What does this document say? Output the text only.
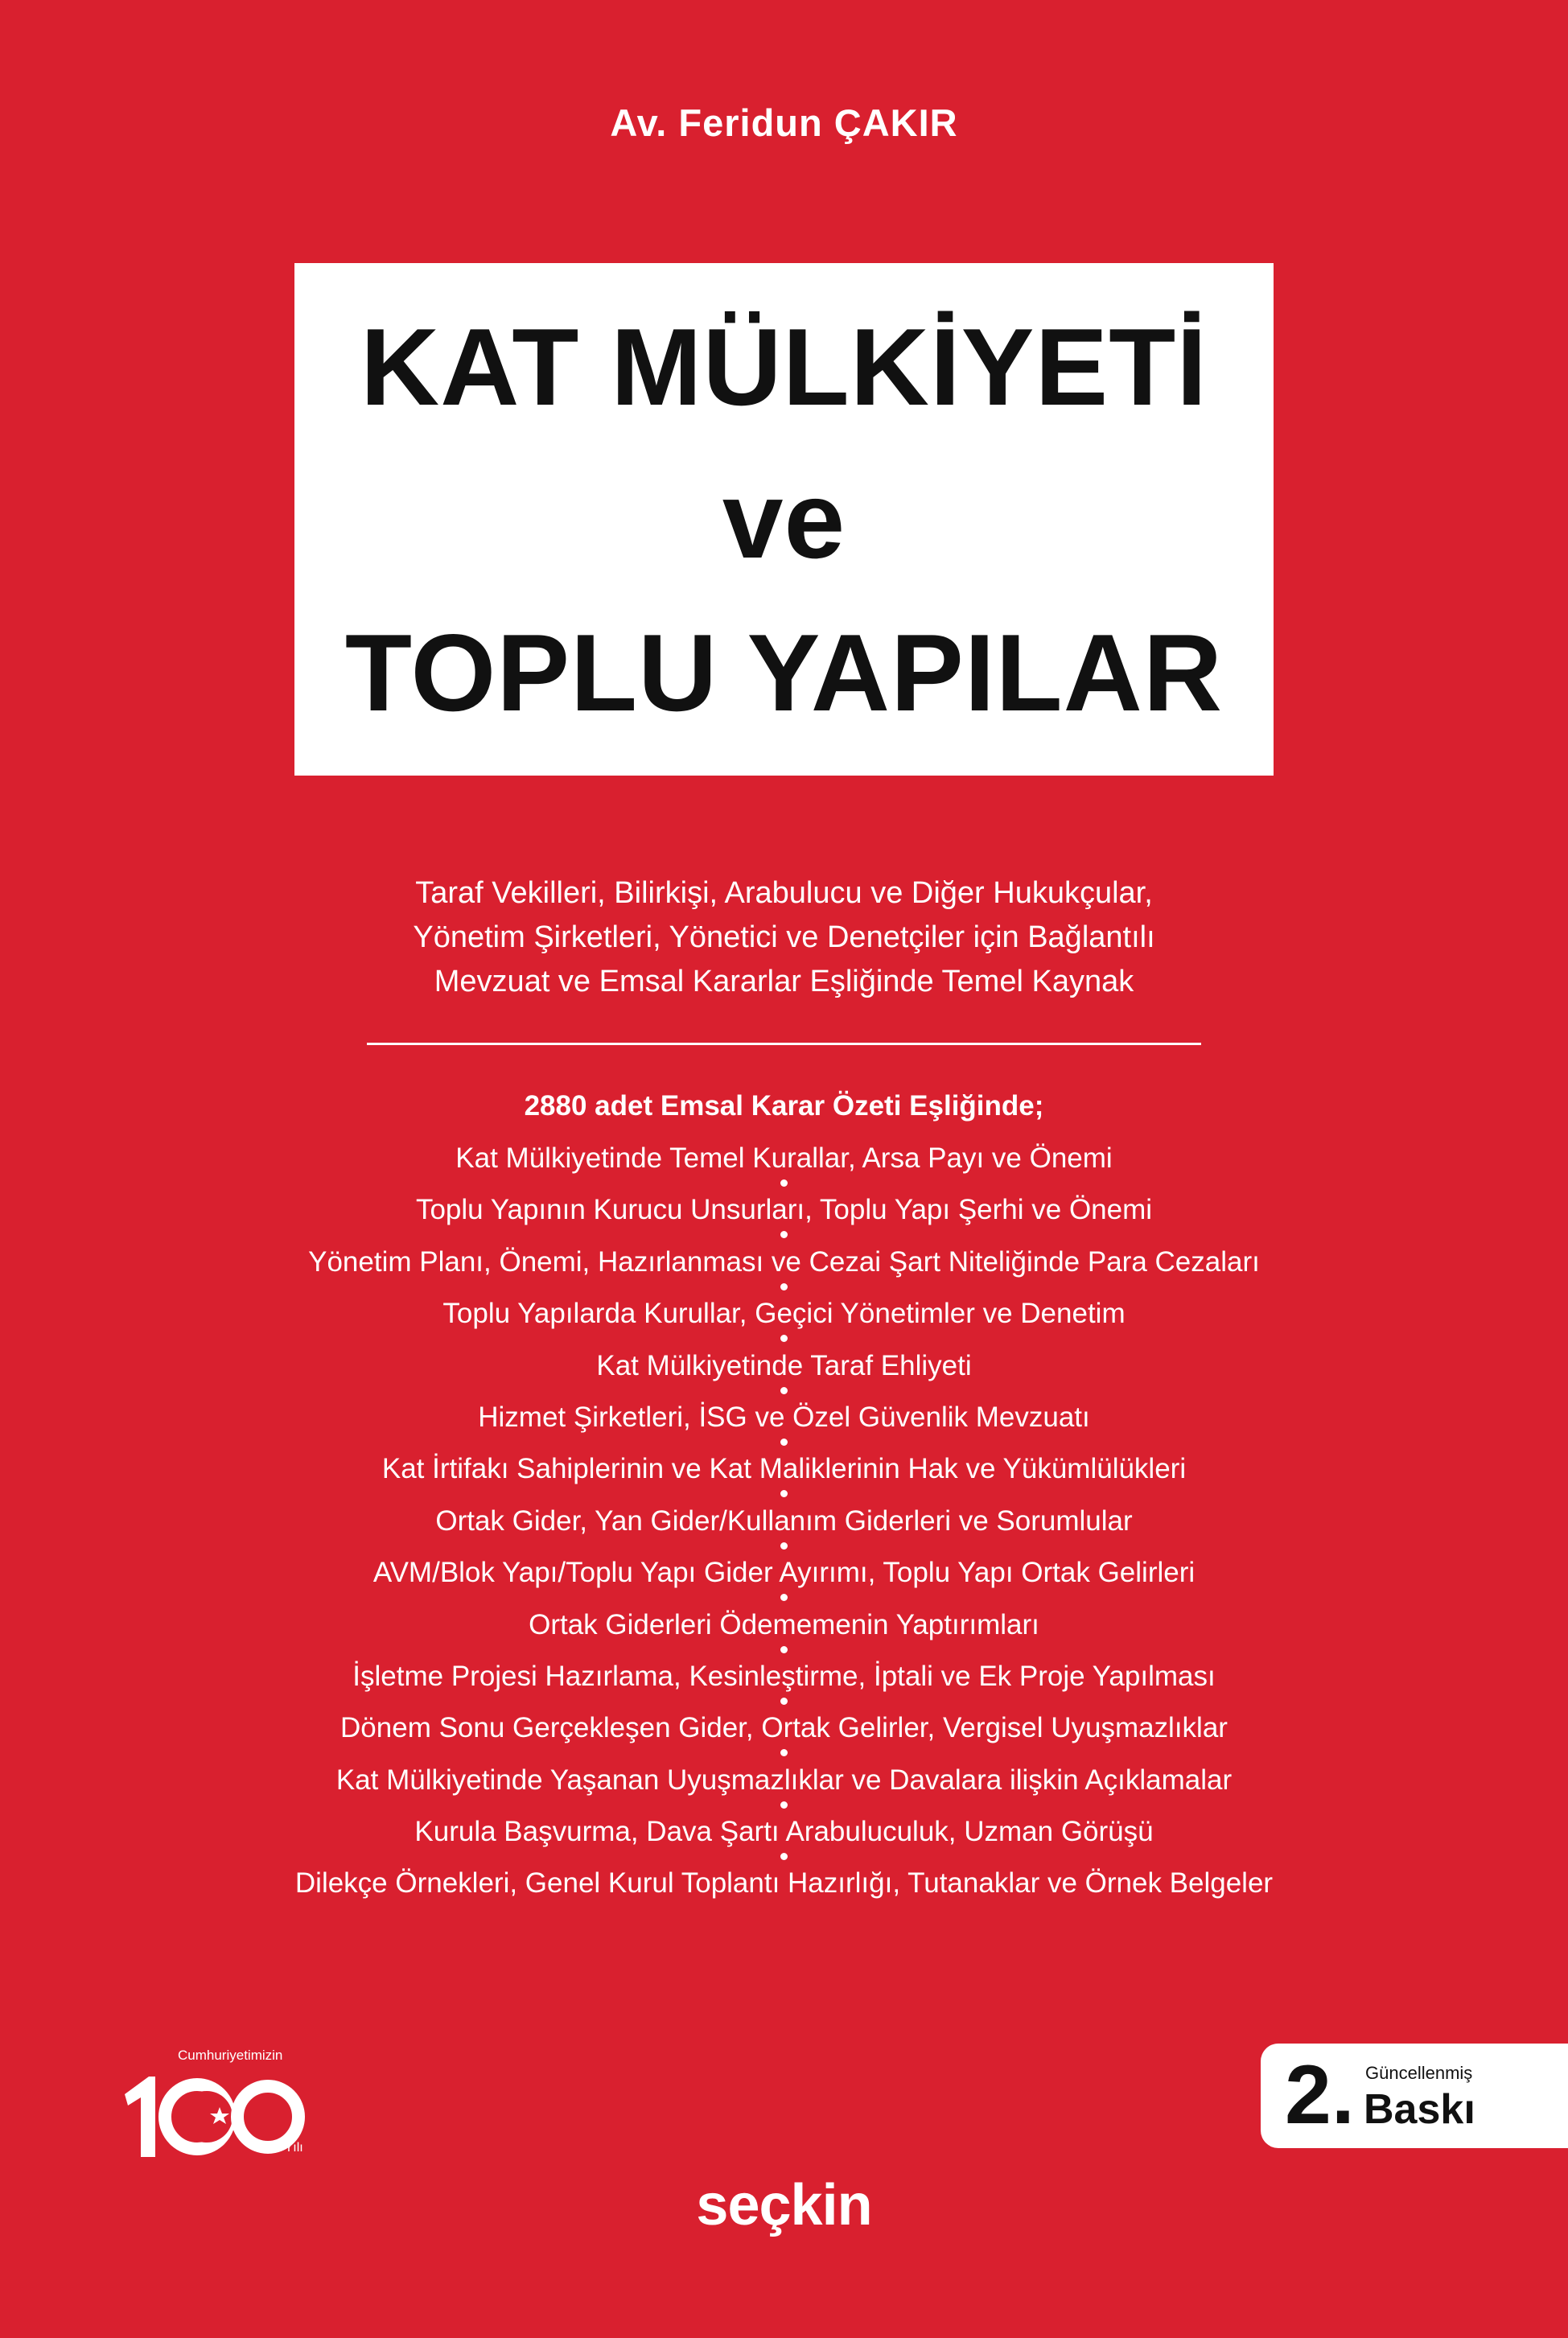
Av. Feridun ÇAKIR
KAT MÜLKİYETİ
ve
TOPLU YAPILAR
Taraf Vekilleri, Bilirkişi, Arabulucu ve Diğer Hukukçular,
Yönetim Şirketleri, Yönetici ve Denetçiler için Bağlantılı
Mevzuat ve Emsal Kararlar Eşliğinde Temel Kaynak
2880 adet Emsal Karar Özeti Eşliğinde;
Kat Mülkiyetinde Temel Kurallar, Arsa Payı ve Önemi
Toplu Yapının Kurucu Unsurları, Toplu Yapı Şerhi ve Önemi
Yönetim Planı, Önemi, Hazırlanması ve Cezai Şart Niteliğinde Para Cezaları
Toplu Yapılarda Kurullar, Geçici Yönetimler ve Denetim
Kat Mülkiyetinde Taraf Ehliyeti
Hizmet Şirketleri, İSG ve Özel Güvenlik Mevzuatı
Kat İrtifakı Sahiplerinin ve Kat Maliklerinin Hak ve Yükümlülükleri
Ortak Gider, Yan Gider/Kullanım Giderleri ve Sorumlular
AVM/Blok Yapı/Toplu Yapı Gider Ayırımı, Toplu Yapı Ortak Gelirleri
Ortak Giderleri Ödememenin Yaptırımları
İşletme Projesi Hazırlama, Kesinleştirme, İptali ve Ek Proje Yapılması
Dönem Sonu Gerçekleşen Gider, Ortak Gelirler, Vergisel Uyuşmazlıklar
Kat Mülkiyetinde Yaşanan Uyuşmazlıklar ve Davalara ilişkin Açıklamalar
Kurula Başvurma, Dava Şartı Arabuluculuk, Uzman Görüşü
Dilekçe Örnekleri, Genel Kurul Toplantı Hazırlığı, Tutanaklar ve Örnek Belgeler
Cumhuriyetimizin
. Yılı
2. Güncellenmiş
Baskı
seçkin
